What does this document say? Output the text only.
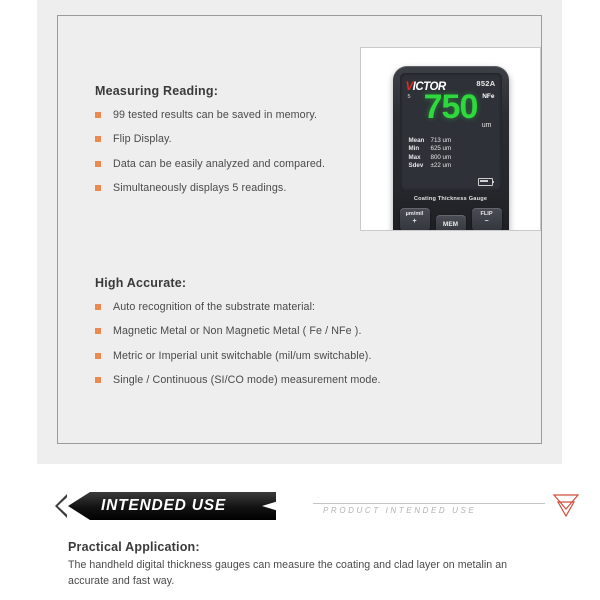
Measuring Reading:

99 tested results can be saved in memory.
Flip Display.
Data can be easily analyzed and compared.
Simultaneously displays 5 readings.

High Accurate:

Auto recognition of the substrate material:
Magnetic Metal or Non Magnetic Metal ( Fe / NFe ).
Metric or Imperial unit switchable (mil/um switchable).
Single / Continuous (SI/CO mode) measurement mode.
VICTOR	852A
5	NFe
750 um
Mean 713 um
Min 625 um
Max 800 um
Sdev ±22 um
Coating Thickness Gauge
µm/mil
+	MEM
FLIP
−
INTENDED USE	PRODUCT INTENDED USE

Practical Application:

The handheld digital thickness gauges can measure the coating and clad layer on metalin an accurate and fast way.
